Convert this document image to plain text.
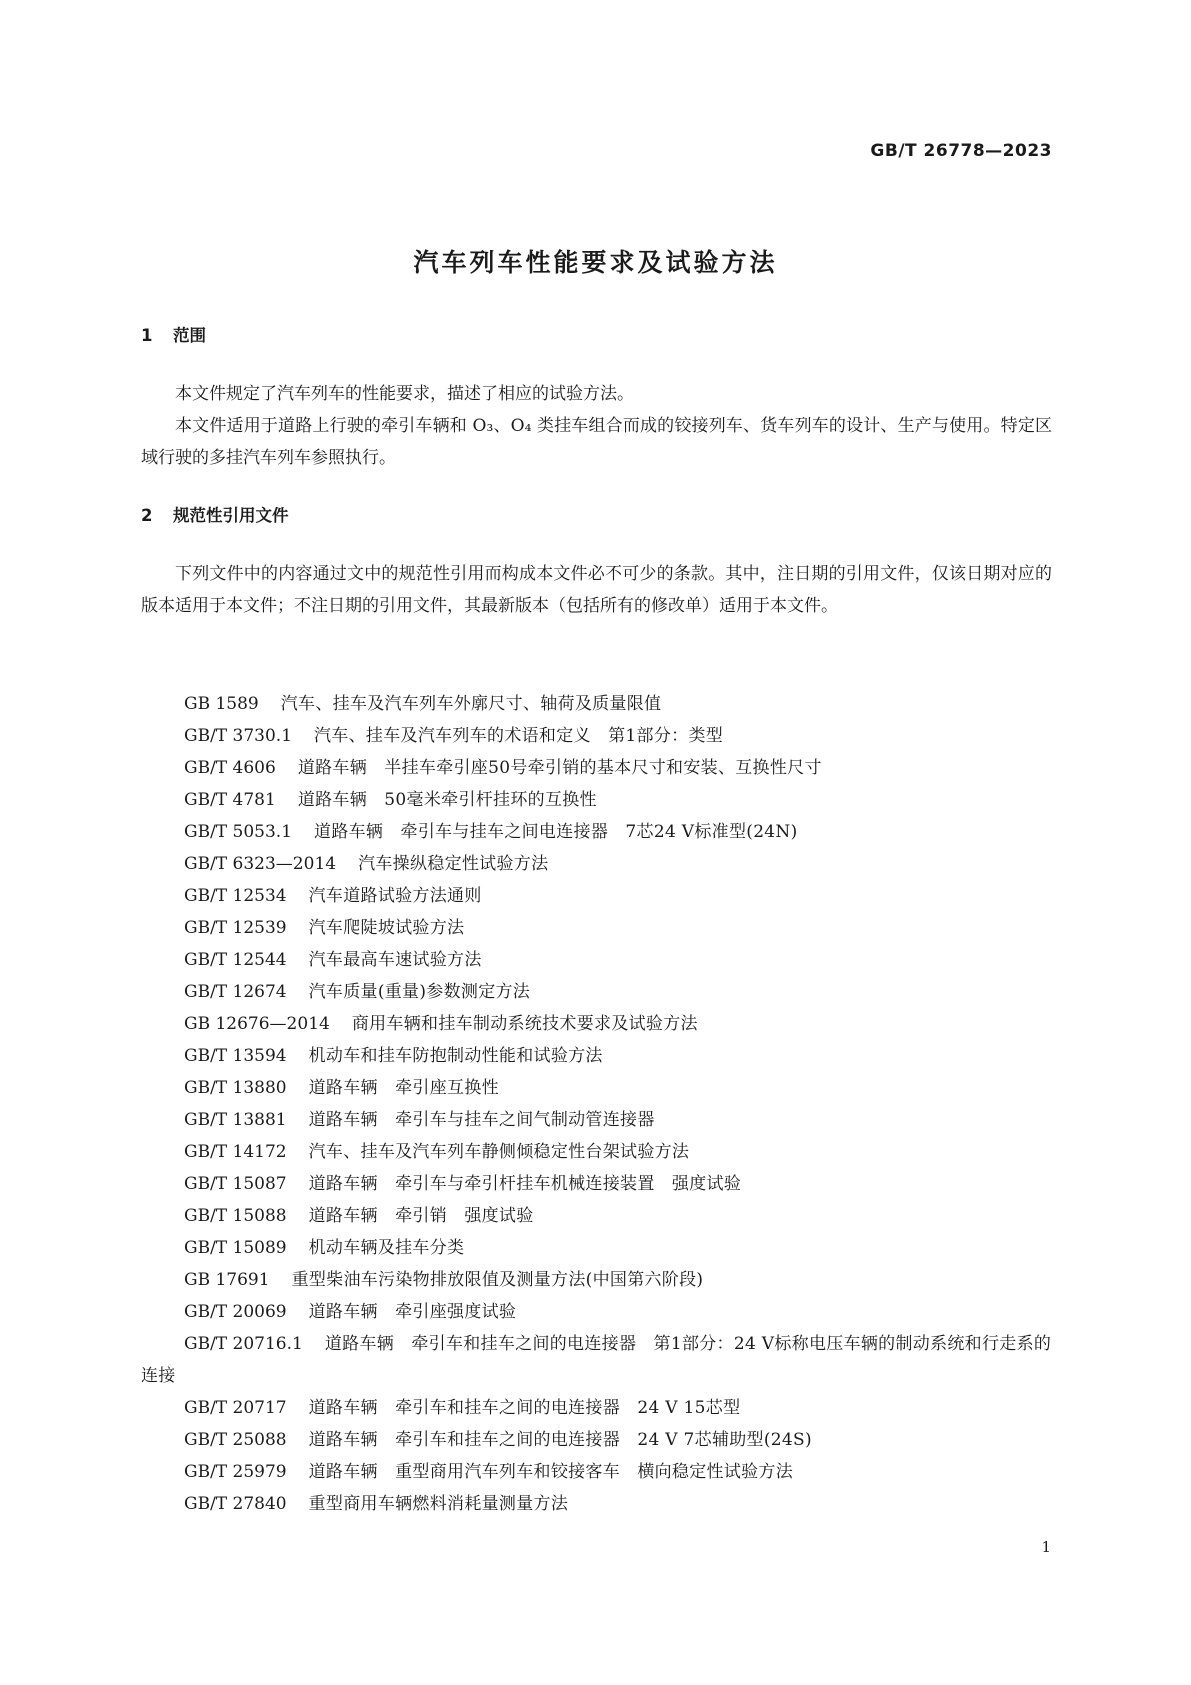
GB/T 26778—2023
汽车列车性能要求及试验方法
1 范围

本文件规定了汽车列车的性能要求，描述了相应的试验方法。

本文件适用于道路上行驶的牵引车辆和 O₃、O₄ 类挂车组合而成的铰接列车、货车列车的设计、生产与使用。特定区域行驶的多挂汽车列车参照执行。

2 规范性引用文件

下列文件中的内容通过文中的规范性引用而构成本文件必不可少的条款。其中，注日期的引用文件，仅该日期对应的版本适用于本文件；不注日期的引用文件，其最新版本（包括所有的修改单）适用于本文件。

GB 1589 汽车、挂车及汽车列车外廓尺寸、轴荷及质量限值
GB/T 3730.1 汽车、挂车及汽车列车的术语和定义　第1部分：类型
GB/T 4606 道路车辆　半挂车牵引座50号牵引销的基本尺寸和安装、互换性尺寸
GB/T 4781 道路车辆　50毫米牵引杆挂环的互换性
GB/T 5053.1 道路车辆　牵引车与挂车之间电连接器　7芯24 V标准型(24N)
GB/T 6323—2014 汽车操纵稳定性试验方法
GB/T 12534 汽车道路试验方法通则
GB/T 12539 汽车爬陡坡试验方法
GB/T 12544 汽车最高车速试验方法
GB/T 12674 汽车质量(重量)参数测定方法
GB 12676—2014 商用车辆和挂车制动系统技术要求及试验方法
GB/T 13594 机动车和挂车防抱制动性能和试验方法
GB/T 13880 道路车辆　牵引座互换性
GB/T 13881 道路车辆　牵引车与挂车之间气制动管连接器
GB/T 14172 汽车、挂车及汽车列车静侧倾稳定性台架试验方法
GB/T 15087 道路车辆　牵引车与牵引杆挂车机械连接装置　强度试验
GB/T 15088 道路车辆　牵引销　强度试验
GB/T 15089 机动车辆及挂车分类
GB 17691 重型柴油车污染物排放限值及测量方法(中国第六阶段)
GB/T 20069 道路车辆　牵引座强度试验
GB/T 20716.1 道路车辆　牵引车和挂车之间的电连接器　第1部分：24 V标称电压车辆的制动系统和行走系的连接
GB/T 20717 道路车辆　牵引车和挂车之间的电连接器　24 V 15芯型
GB/T 25088 道路车辆　牵引车和挂车之间的电连接器　24 V 7芯辅助型(24S)
GB/T 25979 道路车辆　重型商用汽车列车和铰接客车　横向稳定性试验方法
GB/T 27840 重型商用车辆燃料消耗量测量方法
1
